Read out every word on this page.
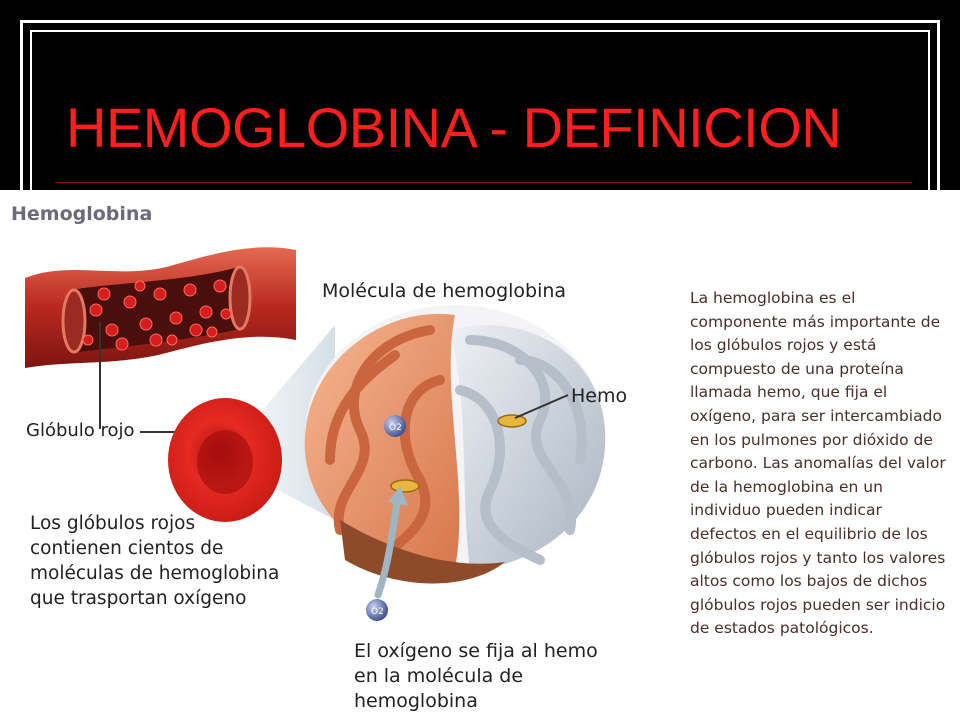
HEMOGLOBINA - DEFINICION
O2
O2
Hemoglobina
Molécula de hemoglobina
Glóbulo rojo
Hemo
Los glóbulos rojos contienen cientos de moléculas de hemoglobina que trasportan oxígeno
El oxígeno se fija al hemo en la molécula de hemoglobina
La hemoglobina es el componente más importante de los glóbulos rojos y está compuesto de una proteína llamada hemo, que fija el oxígeno, para ser intercambiado en los pulmones por dióxido de carbono. Las anomalías del valor de la hemoglobina en un individuo pueden indicar defectos en el equilibrio de los glóbulos rojos y tanto los valores altos como los bajos de dichos glóbulos rojos pueden ser indicio de estados patológicos.
